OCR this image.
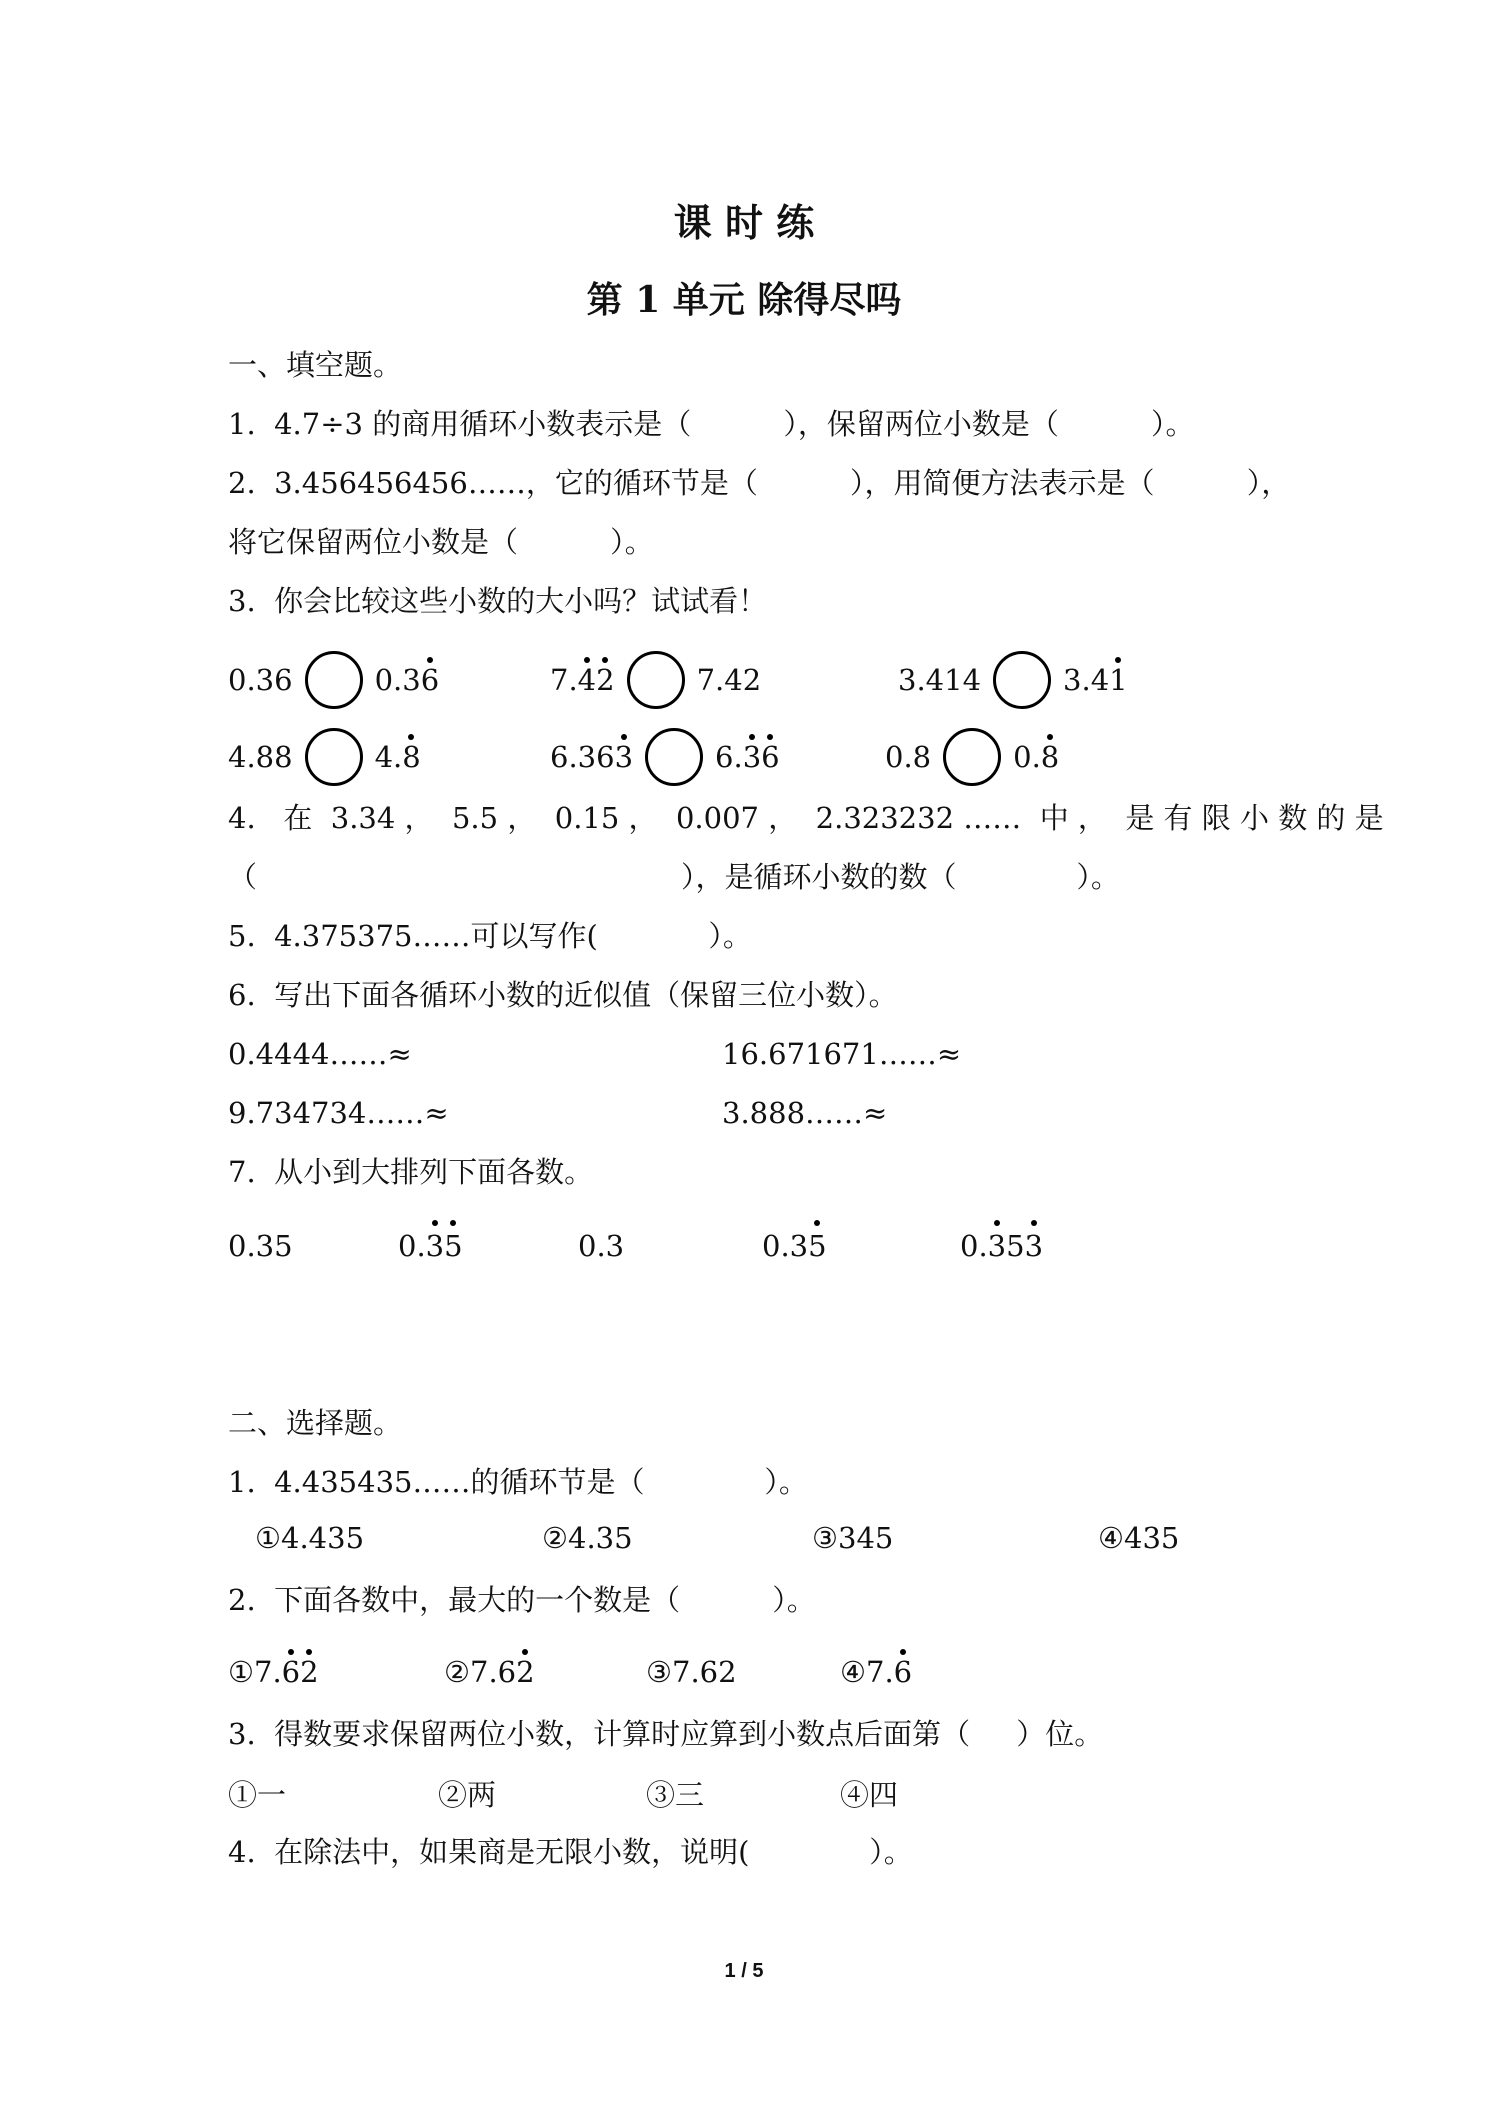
课 时 练
第 1 单元 除得尽吗
一、填空题。
1.  4.7÷3 的商用循环小数表示是（          ），保留两位小数是（          ）。
2.  3.456456456……，它的循环节是（          ），用简便方法表示是（          ），
将它保留两位小数是（          ）。
3.  你会比较这些小数的大小吗？试试看！
0.36	0.36	7.42	7.42	3.414	3.41
4.88	4.8	6.363	6.36	0.8	0.8
4.   在  3.34 ，  5.5 ，  0.15 ，  0.007 ，  2.323232 ……  中 ，  是 有 限 小 数 的 是
（                                              ），是循环小数的数（             ）。
5.  4.375375……可以写作(            ）。
6.  写出下面各循环小数的近似值（保留三位小数）。
0.4444……≈	16.671671……≈
9.734734……≈	3.888……≈
7.  从小到大排列下面各数。
0.35	0.35	0.3	0.35	0.353
二、选择题。
1.  4.435435……的循环节是（             ）。
①4.435	②4.35	③345	④435
2.  下面各数中，最大的一个数是（          ）。
①7.62	②7.62	③7.62	④7.6
3.  得数要求保留两位小数，计算时应算到小数点后面第（     ）位。
①一	②两	③三	④四
4.  在除法中，如果商是无限小数，说明(             ）。
1 / 5
